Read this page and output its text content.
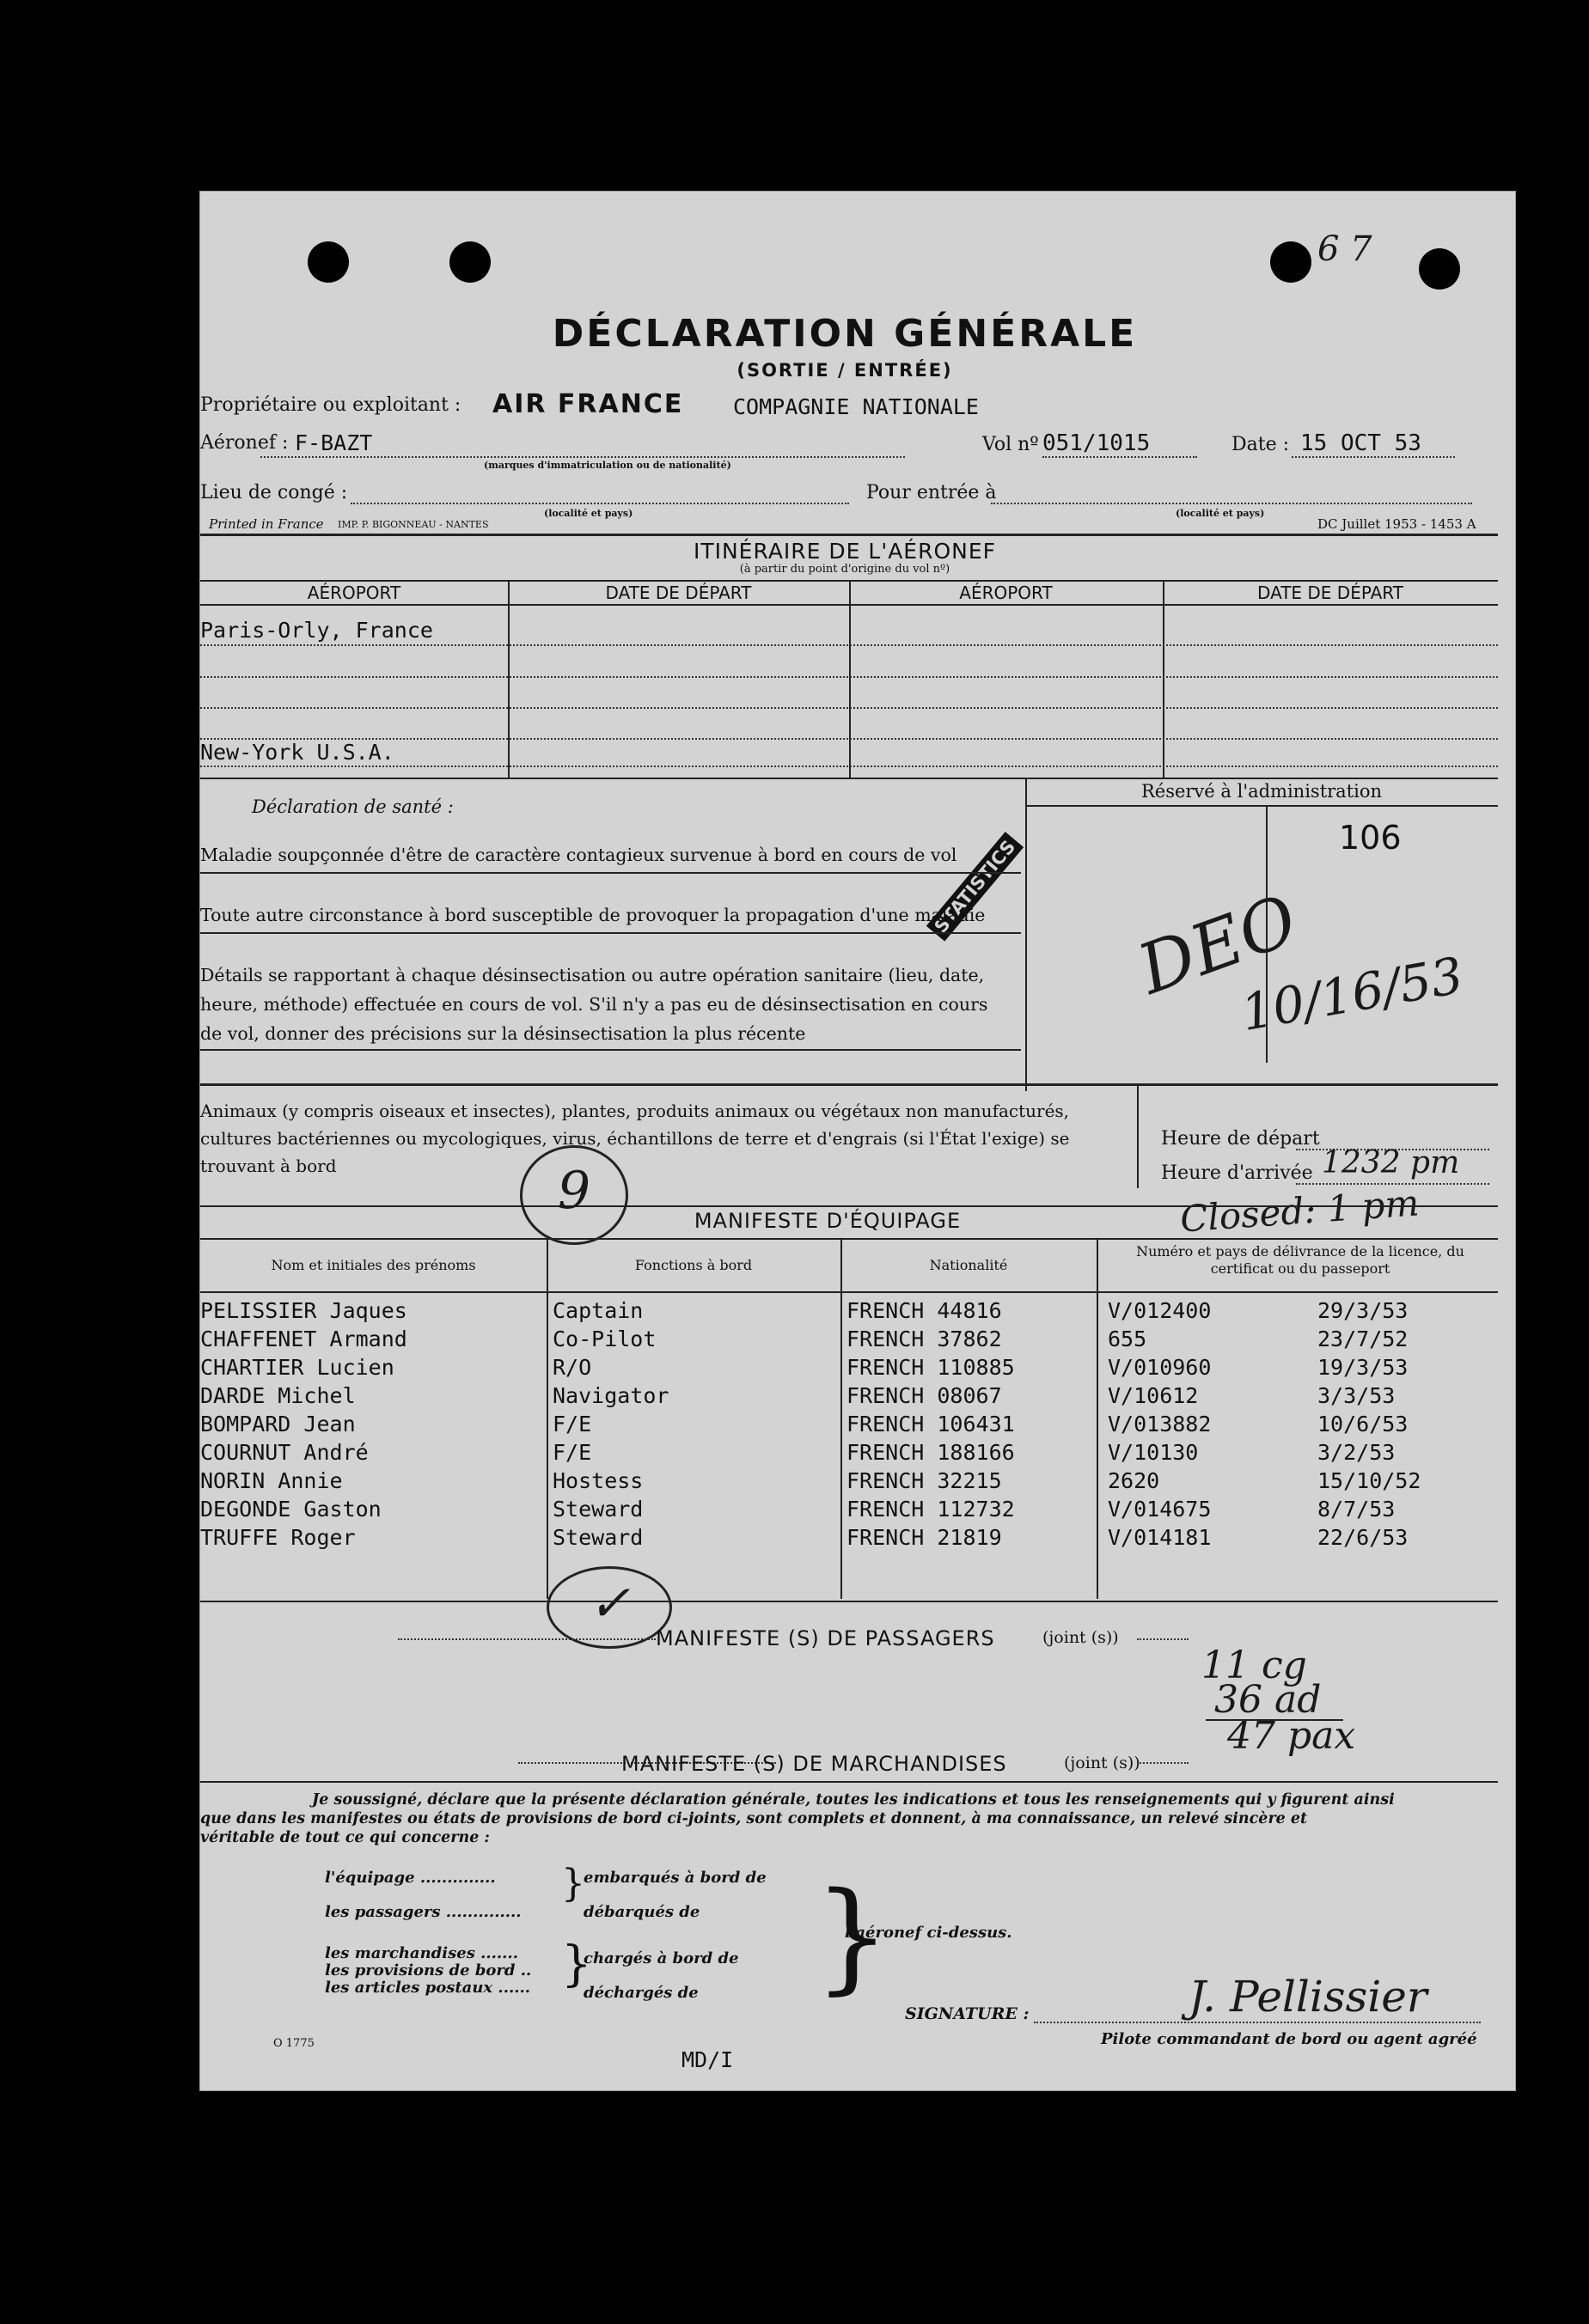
6 7
DÉCLARATION GÉNÉRALE
(SORTIE / ENTRÉE)
Propriétaire ou exploitant : AIR FRANCE COMPAGNIE NATIONALE
Aéronef : F-BAZT
(marques d'immatriculation ou de nationalité)
Vol nº 051/1015	Date : 15 OCT 53
Lieu de congé :
(localité et pays)
Pour entrée à
(localité et pays)
Printed in France IMP. P. BIGONNEAU - NANTES	DC Juillet 1953 - 1453 A
ITINÉRAIRE DE L'AÉRONEF
(à partir du point d'origine du vol nº)
AÉROPORT	DATE DE DÉPART	AÉROPORT	DATE DE DÉPART
Paris-Orly, France
New-York U.S.A.
Réservé à l'administration
106
STATISTICS DEO
10/16/53
Déclaration de santé :
Maladie soupçonnée d'être de caractère contagieux survenue à bord en cours de vol
Toute autre circonstance à bord susceptible de provoquer la propagation d'une maladie
Détails se rapportant à chaque désinsectisation ou autre opération sanitaire (lieu, date,
heure, méthode) effectuée en cours de vol. S'il n'y a pas eu de désinsectisation en cours
de vol, donner des précisions sur la désinsectisation la plus récente
Animaux (y compris oiseaux et insectes), plantes, produits animaux ou végétaux non manufacturés,
cultures bactériennes ou mycologiques, virus, échantillons de terre et d'engrais (si l'État l'exige) se
trouvant à bord
Heure de départ
Heure d'arrivée 1232 pm
Closed: 1 pm
MANIFESTE D'ÉQUIPAGE
9
Nom et initiales des prénoms	Fonctions à bord	Nationalité
Numéro et pays de délivrance de la licence, du certificat ou du passeport
PELISSIER Jaques	Captain	FRENCH 44816	V/012400	29/3/53
CHAFFENET Armand	Co-Pilot	FRENCH 37862	655	23/7/52
CHARTIER Lucien	R/O	FRENCH 110885	V/010960	19/3/53
DARDE Michel	Navigator	FRENCH 08067	V/10612	3/3/53
BOMPARD Jean	F/E	FRENCH 106431	V/013882	10/6/53
COURNUT André	F/E	FRENCH 188166	V/10130	3/2/53
NORIN Annie	Hostess	FRENCH 32215	2620	15/10/52
DEGONDE Gaston	Steward	FRENCH 112732	V/014675	8/7/53
TRUFFE Roger	Steward	FRENCH 21819	V/014181	22/6/53
✓
MANIFESTE (S) DE PASSAGERS	(joint (s))
11 cg
36 ad
47 pax
MANIFESTE (S) DE MARCHANDISES	(joint (s))
Je soussigné, déclare que la présente déclaration générale, toutes les indications et tous les renseignements qui y figurent ainsi
que dans les manifestes ou états de provisions de bord ci-joints, sont complets et donnent, à ma connaissance, un relevé sincère et
véritable de tout ce qui concerne :
l'équipage ..............
les passagers ..............
les marchandises .......
les provisions de bord ..
les articles postaux ......
}
}
embarqués à bord de
débarqués de
chargés à bord de
déchargés de }
l'aéronef ci-dessus.
SIGNATURE :	J. Pellissier
Pilote commandant de bord ou agent agréé
O 1775
MD/I
